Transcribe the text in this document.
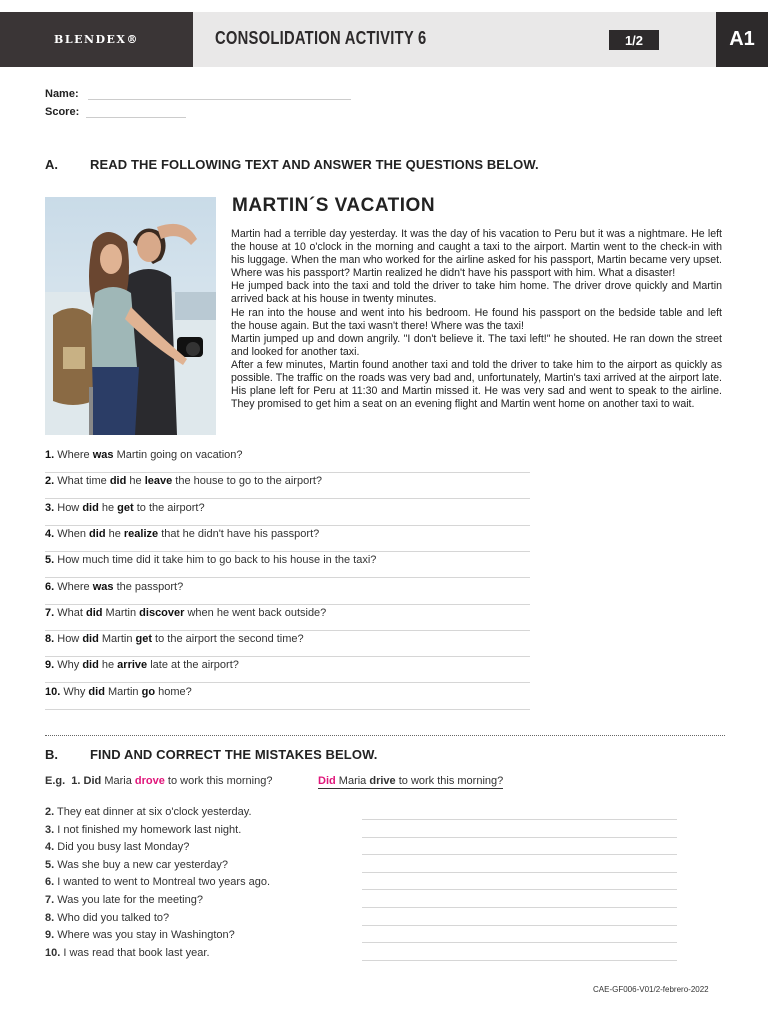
BLENDEX®	CONSOLIDATION ACTIVITY 6	1/2	A1
Name:
Score:
A. READ THE FOLLOWING TEXT AND ANSWER THE QUESTIONS BELOW.
MARTIN´S VACATION

Martin had a terrible day yesterday. It was the day of his vacation to Peru but it was a nightmare. He left the house at 10 o'clock in the morning and caught a taxi to the airport. Martin went to the check-in with his luggage. When the man who worked for the airline asked for his passport, Martin became very upset. Where was his passport? Martin realized he didn't have his passport with him. What a disaster!

He jumped back into the taxi and told the driver to take him home. The driver drove quickly and Martin arrived back at his house in twenty minutes.

He ran into the house and went into his bedroom. He found his passport on the bedside table and left the house again. But the taxi wasn't there! Where was the taxi!

Martin jumped up and down angrily. "I don't believe it. The taxi left!" he shouted. He ran down the street and looked for another taxi.

After a few minutes, Martin found another taxi and told the driver to take him to the airport as quickly as possible. The traffic on the roads was very bad and, unfortunately, Martin's taxi arrived at the airport late. His plane left for Peru at 11:30 and Martin missed it. He was very sad and went to speak to the airline. They promised to get him a seat on an evening flight and Martin went home on another taxi to wait.

1. Where was Martin going on vacation?
2. What time did he leave the house to go to the airport?
3. How did he get to the airport?
4. When did he realize that he didn't have his passport?
5. How much time did it take him to go back to his house in the taxi?
6. Where was the passport?
7. What did Martin discover when he went back outside?
8. How did Martin get to the airport the second time?
9. Why did he arrive late at the airport?
10. Why did Martin go home?
B. FIND AND CORRECT THE MISTAKES BELOW.
E.g. 1. Did Maria drove to work this morning?	Did Maria drive to work this morning?
2. They eat dinner at six o'clock yesterday.
3. I not finished my homework last night.
4. Did you busy last Monday?
5. Was she buy a new car yesterday?
6. I wanted to went to Montreal two years ago.
7. Was you late for the meeting?
8. Who did you talked to?
9. Where was you stay in Washington?
10. I was read that book last year.
CAE-GF006-V01/2-febrero-2022
